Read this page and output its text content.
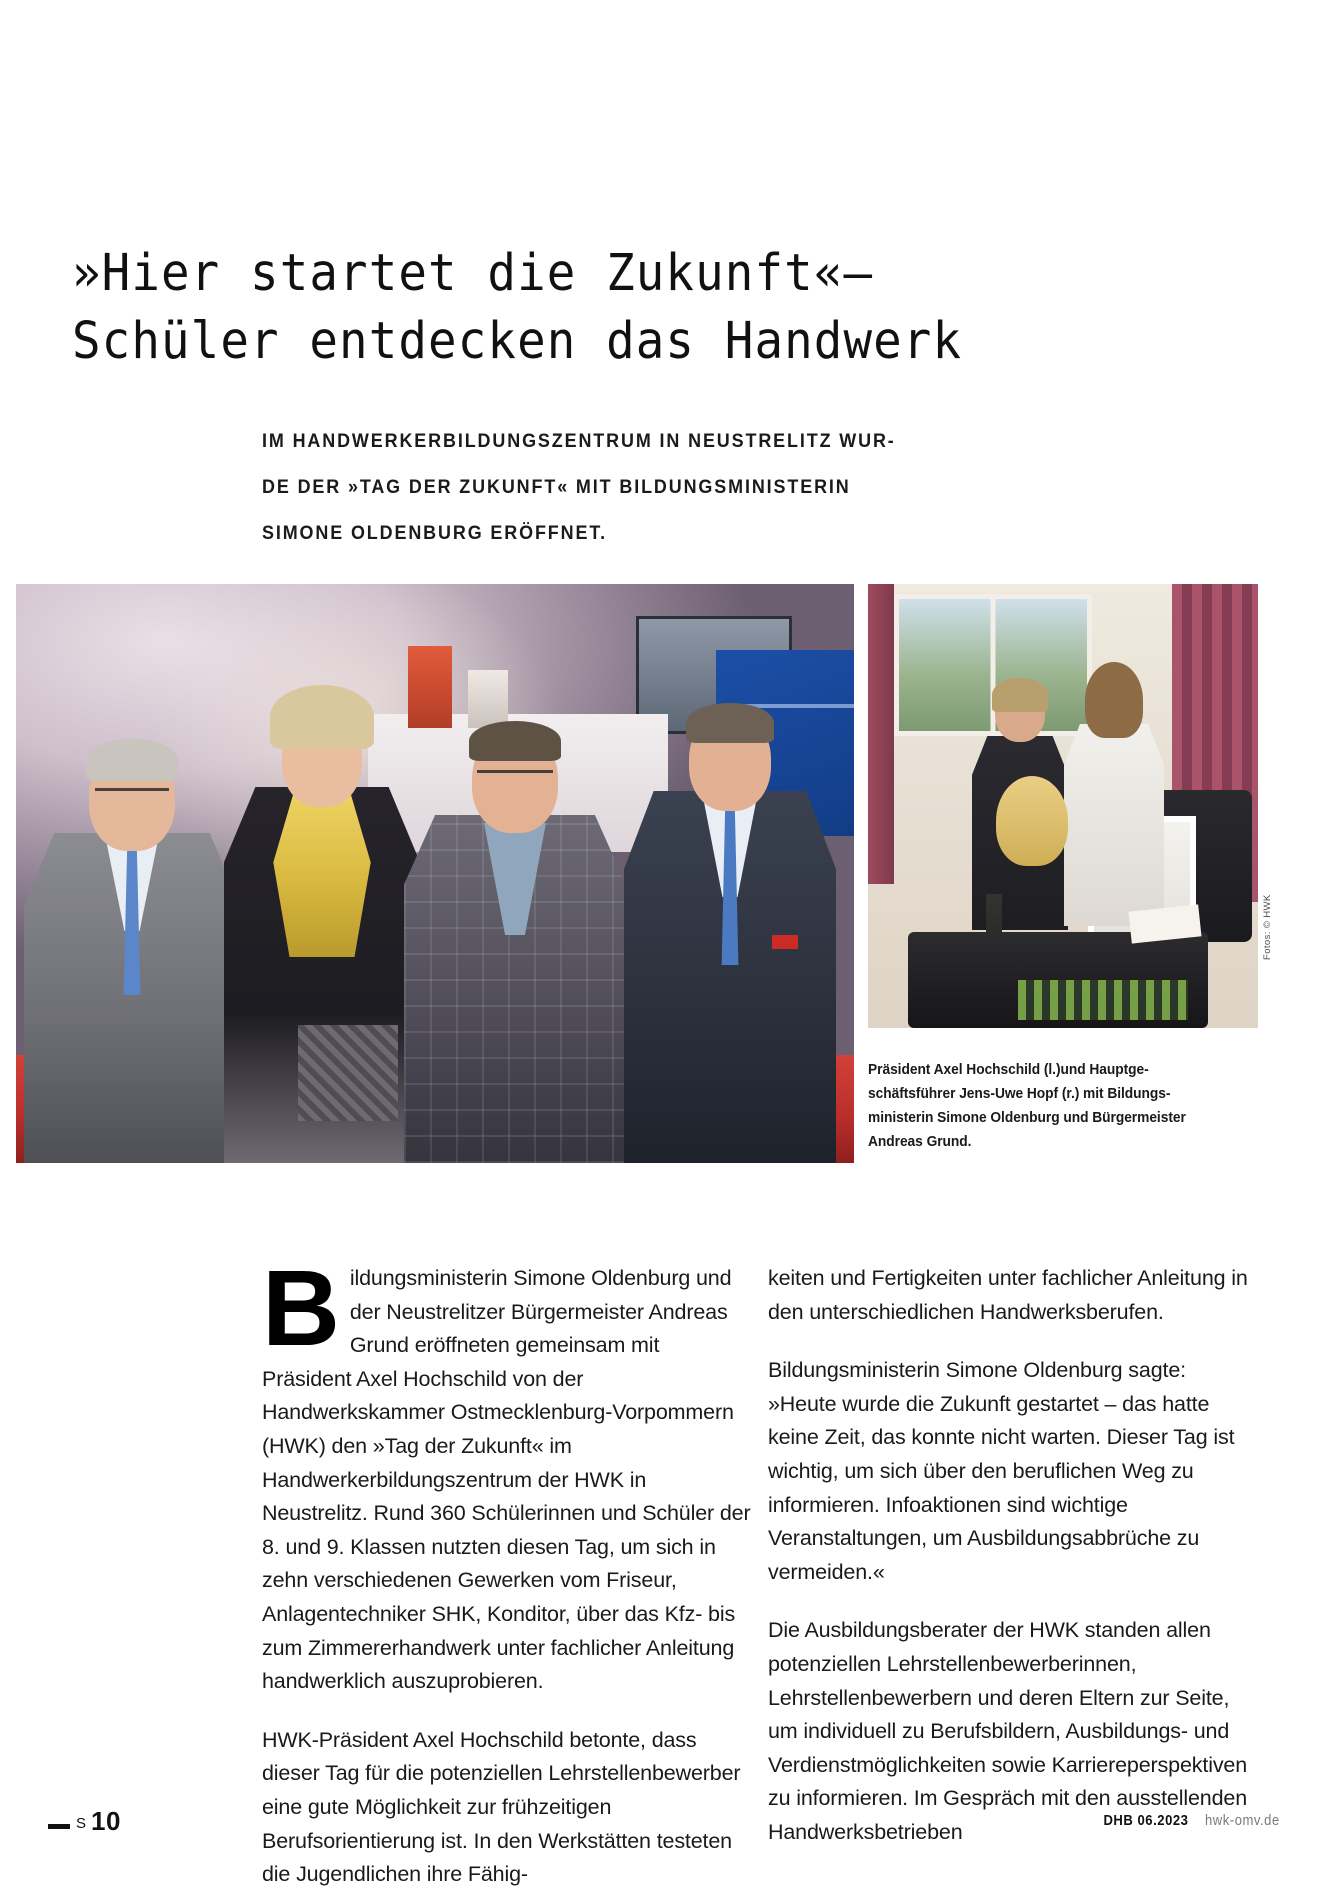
»Hier startet die Zukunft«–
Schüler entdecken das Handwerk
IM HANDWERKERBILDUNGSZENTRUM IN NEUSTRELITZ WUR-
DE DER »TAG DER ZUKUNFT« MIT BILDUNGSMINISTERIN
SIMONE OLDENBURG ERÖFFNET.
Fotos: © HWK
Präsident Axel Hochschild (l.)und Hauptge-
schäftsführer Jens-Uwe Hopf (r.) mit Bildungs-
ministerin Simone Oldenburg und Bürgermeister
Andreas Grund.

Bildungsministerin Simone Oldenburg und der Neustrelitzer Bürgermeister Andreas Grund eröffneten gemeinsam mit Präsident Axel Hochschild von der Handwerkskammer Ostmecklenburg-Vorpommern (HWK) den »Tag der Zukunft« im Handwerkerbildungszentrum der HWK in Neustrelitz. Rund 360 Schülerinnen und Schüler der 8. und 9. Klassen nutzten diesen Tag, um sich in zehn verschiedenen Gewerken vom Friseur, Anlagentechniker SHK, Konditor, über das Kfz- bis zum Zimmererhandwerk unter fachlicher Anleitung handwerklich auszuprobieren.

HWK-Präsident Axel Hochschild betonte, dass dieser Tag für die potenziellen Lehrstellenbewerber eine gute Möglichkeit zur frühzeitigen Berufsorientierung ist. In den Werkstätten testeten die Jugendlichen ihre Fähig-

keiten und Fertigkeiten unter fachlicher Anleitung in den unterschiedlichen Handwerksberufen.

Bildungsministerin Simone Oldenburg sagte: »Heute wurde die Zukunft gestartet – das hatte keine Zeit, das konnte nicht warten. Dieser Tag ist wichtig, um sich über den beruflichen Weg zu informieren. Infoaktionen sind wichtige Veranstaltungen, um Ausbildungsabbrüche zu vermeiden.«

Die Ausbildungsberater der HWK standen allen potenziellen Lehrstellenbewerberinnen, Lehrstellenbewerbern und deren Eltern zur Seite, um individuell zu Berufsbildern, Ausbildungs- und Verdienstmöglichkeiten sowie Karriereperspektiven zu informieren. Im Gespräch mit den ausstellenden Handwerksbetrieben

S 10	DHB 06.2023 hwk-omv.de
